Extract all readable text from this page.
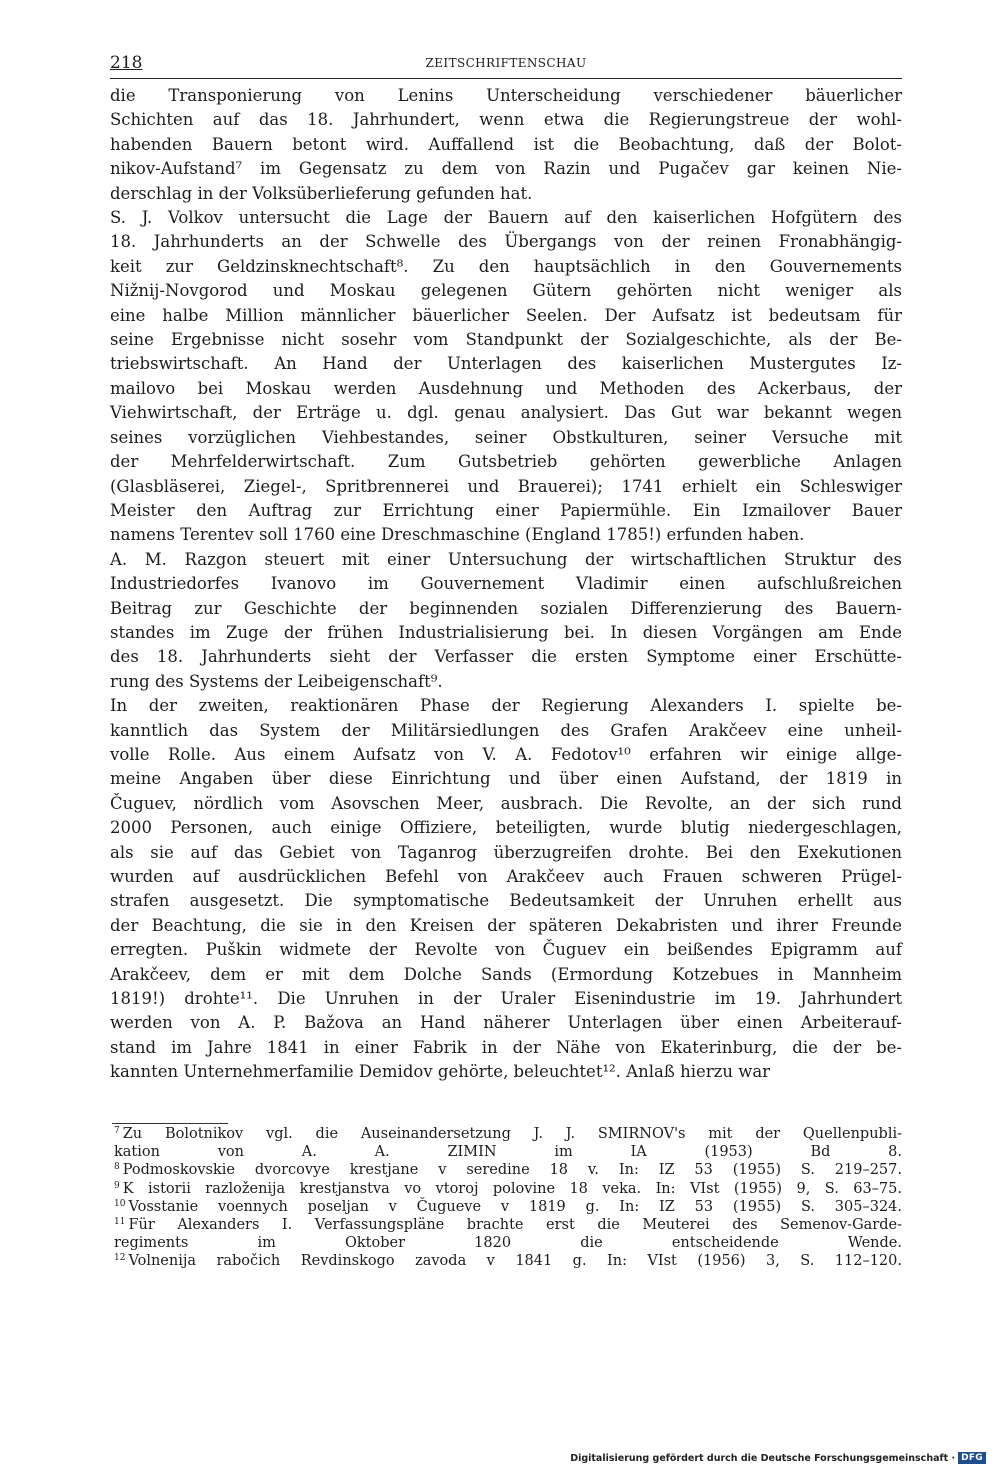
218	ZEITSCHRIFTENSCHAU

die Transponierung von Lenins Unterscheidung verschiedener bäuerlicher
Schichten auf das 18. Jahrhundert, wenn etwa die Regierungstreue der wohl-
habenden Bauern betont wird. Auffallend ist die Beobachtung, daß der Bolot-
nikov-Aufstand⁷ im Gegensatz zu dem von Razin und Pugačev gar keinen Nie-
derschlag in der Volksüberlieferung gefunden hat.

S. J. Volkov untersucht die Lage der Bauern auf den kaiserlichen Hofgütern des
18. Jahrhunderts an der Schwelle des Übergangs von der reinen Fronabhängig-
keit zur Geldzinsknechtschaft⁸. Zu den hauptsächlich in den Gouvernements
Nižnij-Novgorod und Moskau gelegenen Gütern gehörten nicht weniger als
eine halbe Million männlicher bäuerlicher Seelen. Der Aufsatz ist bedeutsam für
seine Ergebnisse nicht sosehr vom Standpunkt der Sozialgeschichte, als der Be-
triebswirtschaft. An Hand der Unterlagen des kaiserlichen Mustergutes Iz-
mailovo bei Moskau werden Ausdehnung und Methoden des Ackerbaus, der
Viehwirtschaft, der Erträge u. dgl. genau analysiert. Das Gut war bekannt wegen
seines vorzüglichen Viehbestandes, seiner Obstkulturen, seiner Versuche mit
der Mehrfelderwirtschaft. Zum Gutsbetrieb gehörten gewerbliche Anlagen
(Glasbläserei, Ziegel-, Spritbrennerei und Brauerei); 1741 erhielt ein Schleswiger
Meister den Auftrag zur Errichtung einer Papiermühle. Ein Izmailover Bauer
namens Terentev soll 1760 eine Dreschmaschine (England 1785!) erfunden haben.

A. M. Razgon steuert mit einer Untersuchung der wirtschaftlichen Struktur des
Industriedorfes Ivanovo im Gouvernement Vladimir einen aufschlußreichen
Beitrag zur Geschichte der beginnenden sozialen Differenzierung des Bauern-
standes im Zuge der frühen Industrialisierung bei. In diesen Vorgängen am Ende
des 18. Jahrhunderts sieht der Verfasser die ersten Symptome einer Erschütte-
rung des Systems der Leibeigenschaft⁹.

In der zweiten, reaktionären Phase der Regierung Alexanders I. spielte be-
kanntlich das System der Militärsiedlungen des Grafen Arakčeev eine unheil-
volle Rolle. Aus einem Aufsatz von V. A. Fedotov¹⁰ erfahren wir einige allge-
meine Angaben über diese Einrichtung und über einen Aufstand, der 1819 in
Čuguev, nördlich vom Asovschen Meer, ausbrach. Die Revolte, an der sich rund
2000 Personen, auch einige Offiziere, beteiligten, wurde blutig niedergeschlagen,
als sie auf das Gebiet von Taganrog überzugreifen drohte. Bei den Exekutionen
wurden auf ausdrücklichen Befehl von Arakčeev auch Frauen schweren Prügel-
strafen ausgesetzt. Die symptomatische Bedeutsamkeit der Unruhen erhellt aus
der Beachtung, die sie in den Kreisen der späteren Dekabristen und ihrer Freunde
erregten. Puškin widmete der Revolte von Čuguev ein beißendes Epigramm auf
Arakčeev, dem er mit dem Dolche Sands (Ermordung Kotzebues in Mannheim
1819!) drohte¹¹. Die Unruhen in der Uraler Eisenindustrie im 19. Jahrhundert
werden von A. P. Bažova an Hand näherer Unterlagen über einen Arbeiterauf-
stand im Jahre 1841 in einer Fabrik in der Nähe von Ekaterinburg, die der be-
kannten Unternehmerfamilie Demidov gehörte, beleuchtet¹². Anlaß hierzu war

$^7$ Zu Bolotnikov vgl. die Auseinandersetzung J. J. SMIRNOV's mit der Quellenpubli-
kation von A. A. ZIMIN im IA (1953) Bd 8.
$^8$ Podmoskovskie dvorcovye krestjane v seredine 18 v. In: IZ 53 (1955) S. 219–257.
$^9$ K istorii razloženija krestjanstva vo vtoroj polovine 18 veka. In: VIst (1955) 9, S. 63–75.
$^{10}$ Vosstanie voennych poseljan v Čugueve v 1819 g. In: IZ 53 (1955) S. 305–324.
$^{11}$ Für Alexanders I. Verfassungspläne brachte erst die Meuterei des Semenov-Garde-
regiments im Oktober 1820 die entscheidende Wende.
$^{12}$ Volnenija rabočich Revdinskogo zavoda v 1841 g. In: VIst (1956) 3, S. 112–120.
Digitalisierung gefördert durch die Deutsche Forschungsgemeinschaft · DFG
